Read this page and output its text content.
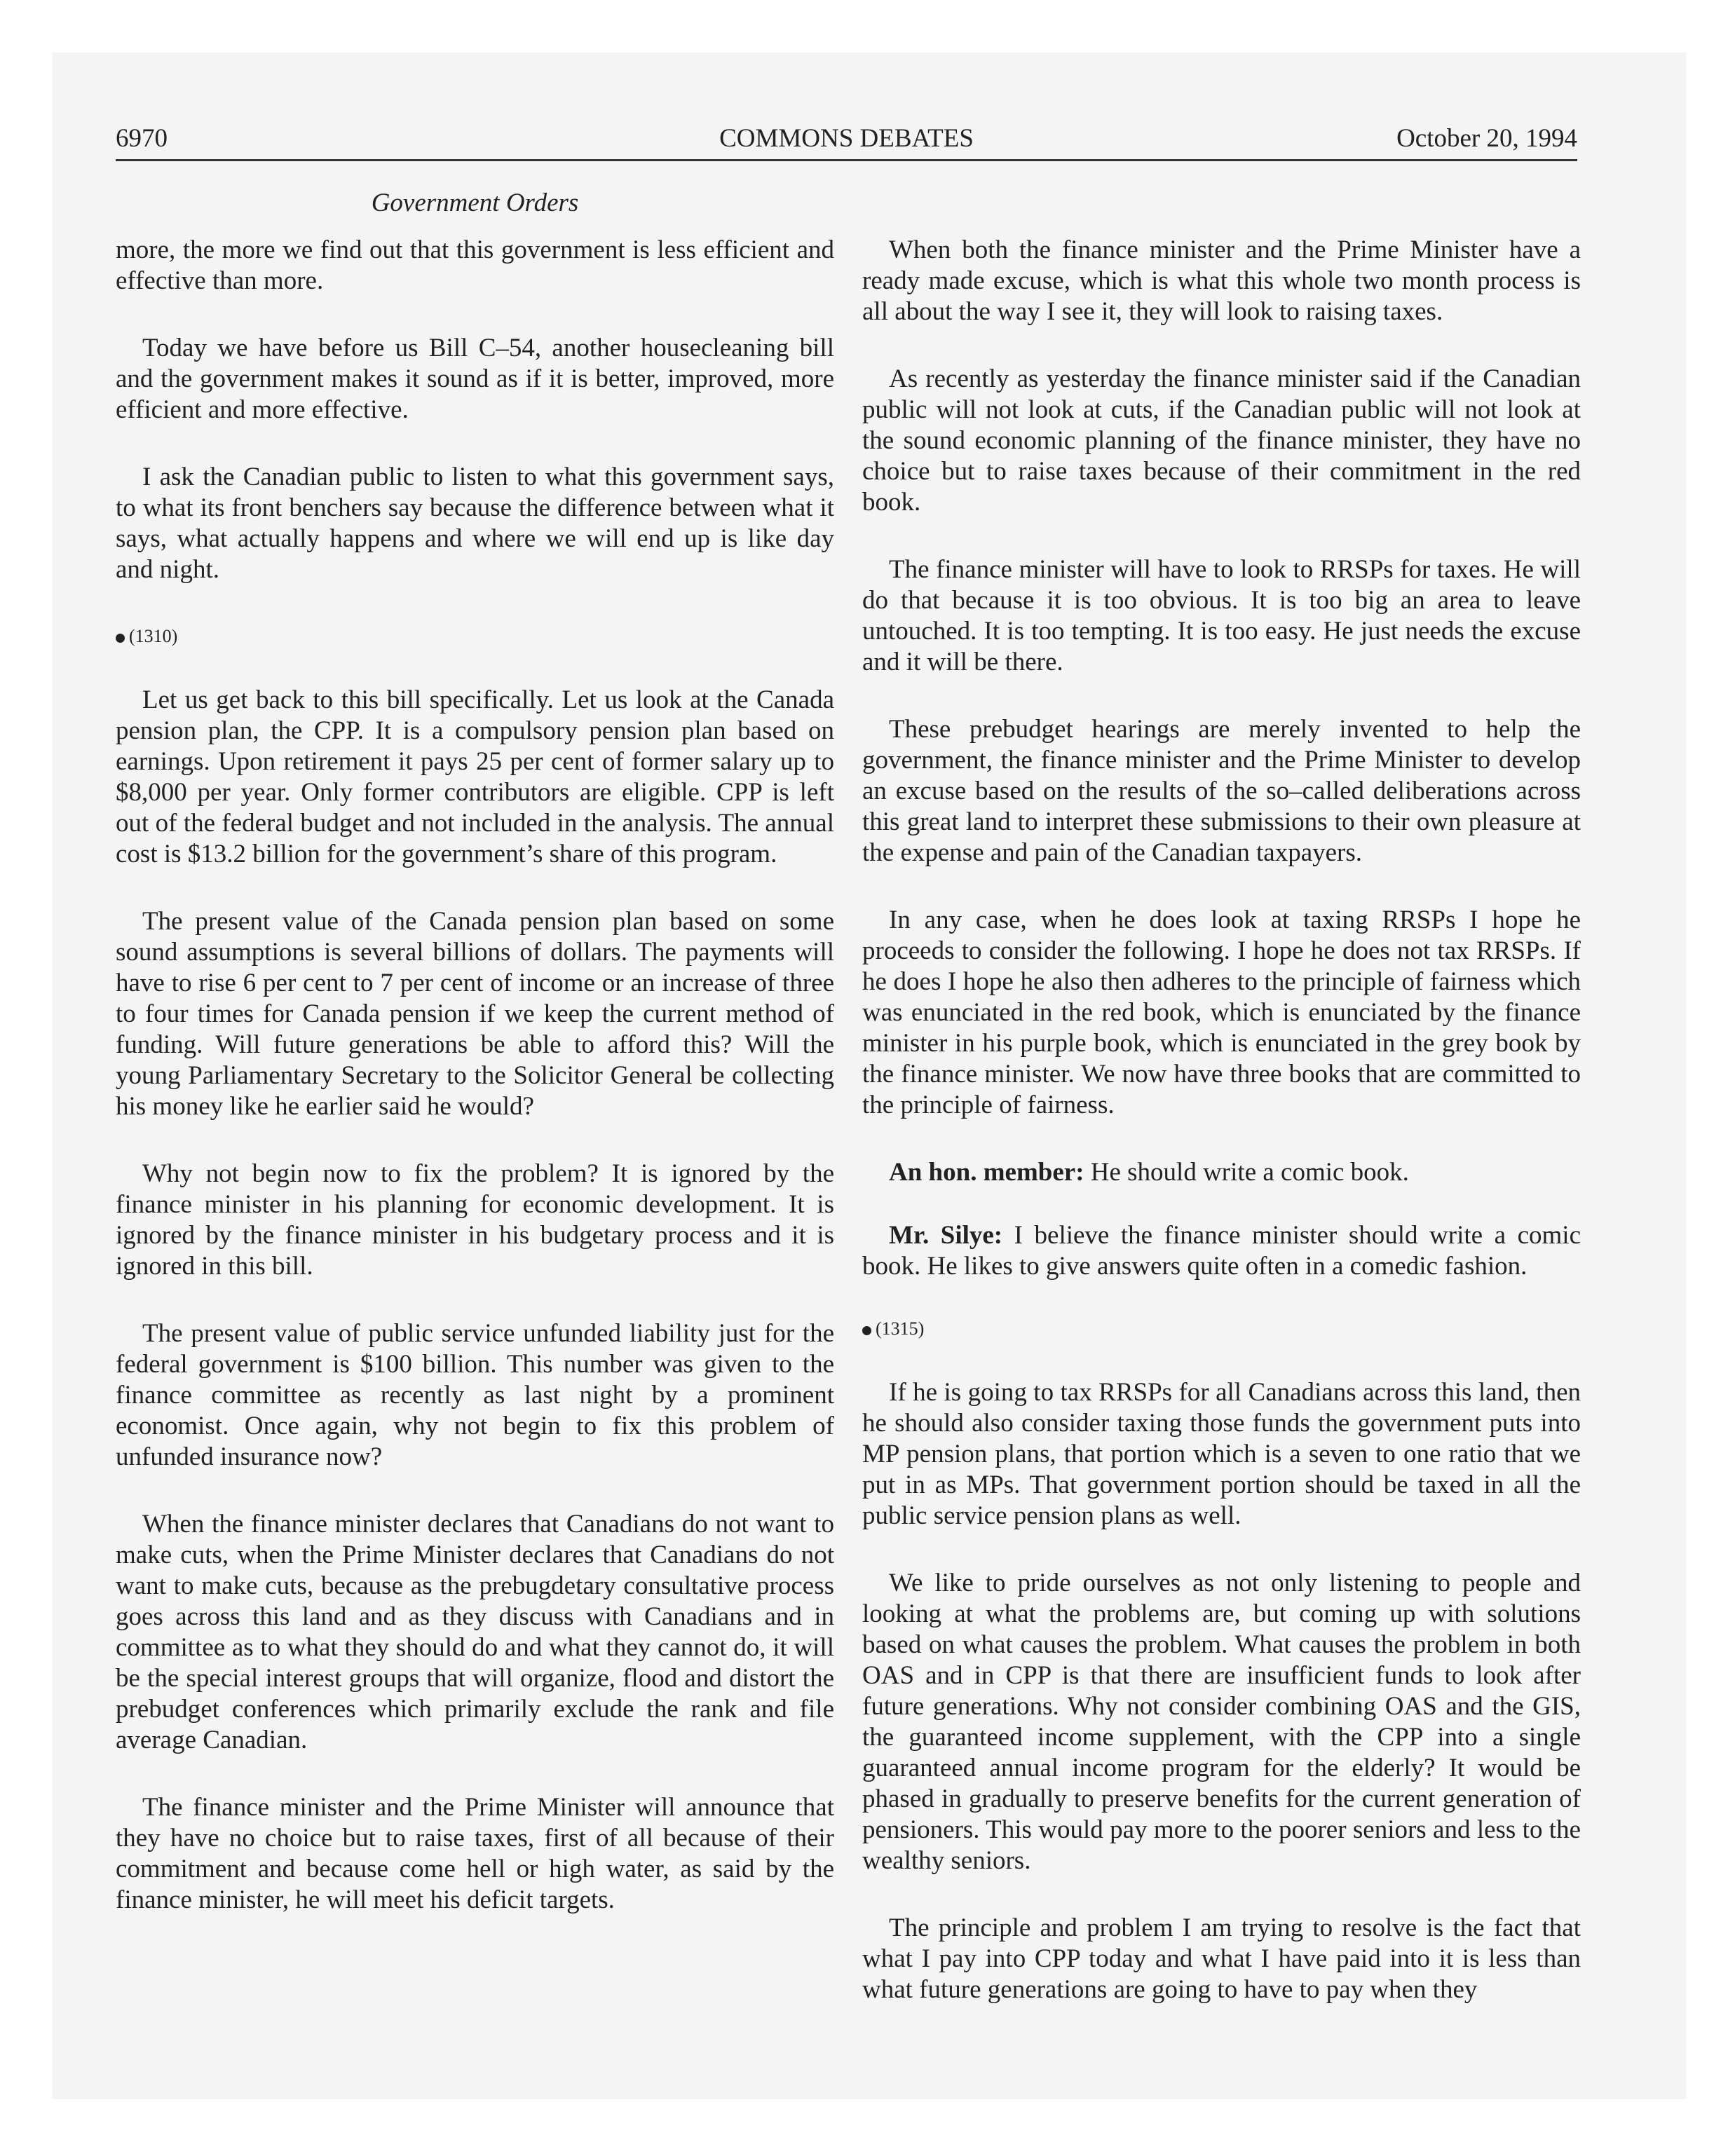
6970	COMMONS DEBATES	October 20, 1994
Government Orders

more, the more we find out that this government is less efficient and effective than more.

Today we have before us Bill C–54, another housecleaning bill and the government makes it sound as if it is better, improved, more efficient and more effective.

I ask the Canadian public to listen to what this government says, to what its front benchers say because the difference between what it says, what actually happens and where we will end up is like day and night.

(1310)

Let us get back to this bill specifically. Let us look at the Canada pension plan, the CPP. It is a compulsory pension plan based on earnings. Upon retirement it pays 25 per cent of former salary up to $8,000 per year. Only former contributors are eligible. CPP is left out of the federal budget and not included in the analysis. The annual cost is $13.2 billion for the government’s share of this program.

The present value of the Canada pension plan based on some sound assumptions is several billions of dollars. The payments will have to rise 6 per cent to 7 per cent of income or an increase of three to four times for Canada pension if we keep the current method of funding. Will future generations be able to afford this? Will the young Parliamentary Secretary to the Solicitor General be collecting his money like he earlier said he would?

Why not begin now to fix the problem? It is ignored by the finance minister in his planning for economic development. It is ignored by the finance minister in his budgetary process and it is ignored in this bill.

The present value of public service unfunded liability just for the federal government is $100 billion. This number was given to the finance committee as recently as last night by a prominent economist. Once again, why not begin to fix this problem of unfunded insurance now?

When the finance minister declares that Canadians do not want to make cuts, when the Prime Minister declares that Canadians do not want to make cuts, because as the prebugdetary consultative process goes across this land and as they discuss with Canadians and in committee as to what they should do and what they cannot do, it will be the special interest groups that will organize, flood and distort the prebudget conferences which primarily exclude the rank and file average Canadian.

The finance minister and the Prime Minister will announce that they have no choice but to raise taxes, first of all because of their commitment and because come hell or high water, as said by the finance minister, he will meet his deficit targets.

When both the finance minister and the Prime Minister have a ready made excuse, which is what this whole two month process is all about the way I see it, they will look to raising taxes.

As recently as yesterday the finance minister said if the Canadian public will not look at cuts, if the Canadian public will not look at the sound economic planning of the finance minister, they have no choice but to raise taxes because of their commitment in the red book.

The finance minister will have to look to RRSPs for taxes. He will do that because it is too obvious. It is too big an area to leave untouched. It is too tempting. It is too easy. He just needs the excuse and it will be there.

These prebudget hearings are merely invented to help the government, the finance minister and the Prime Minister to develop an excuse based on the results of the so–called deliberations across this great land to interpret these submissions to their own pleasure at the expense and pain of the Canadian taxpayers.

In any case, when he does look at taxing RRSPs I hope he proceeds to consider the following. I hope he does not tax RRSPs. If he does I hope he also then adheres to the principle of fairness which was enunciated in the red book, which is enunciated by the finance minister in his purple book, which is enunciated in the grey book by the finance minister. We now have three books that are committed to the principle of fairness.

An hon. member: He should write a comic book.

Mr. Silye: I believe the finance minister should write a comic book. He likes to give answers quite often in a comedic fashion.

(1315)

If he is going to tax RRSPs for all Canadians across this land, then he should also consider taxing those funds the government puts into MP pension plans, that portion which is a seven to one ratio that we put in as MPs. That government portion should be taxed in all the public service pension plans as well.

We like to pride ourselves as not only listening to people and looking at what the problems are, but coming up with solutions based on what causes the problem. What causes the problem in both OAS and in CPP is that there are insufficient funds to look after future generations. Why not consider combining OAS and the GIS, the guaranteed income supplement, with the CPP into a single guaranteed annual income program for the elderly? It would be phased in gradually to preserve benefits for the current generation of pensioners. This would pay more to the poorer seniors and less to the wealthy seniors.

The principle and problem I am trying to resolve is the fact that what I pay into CPP today and what I have paid into it is less than what future generations are going to have to pay when they
